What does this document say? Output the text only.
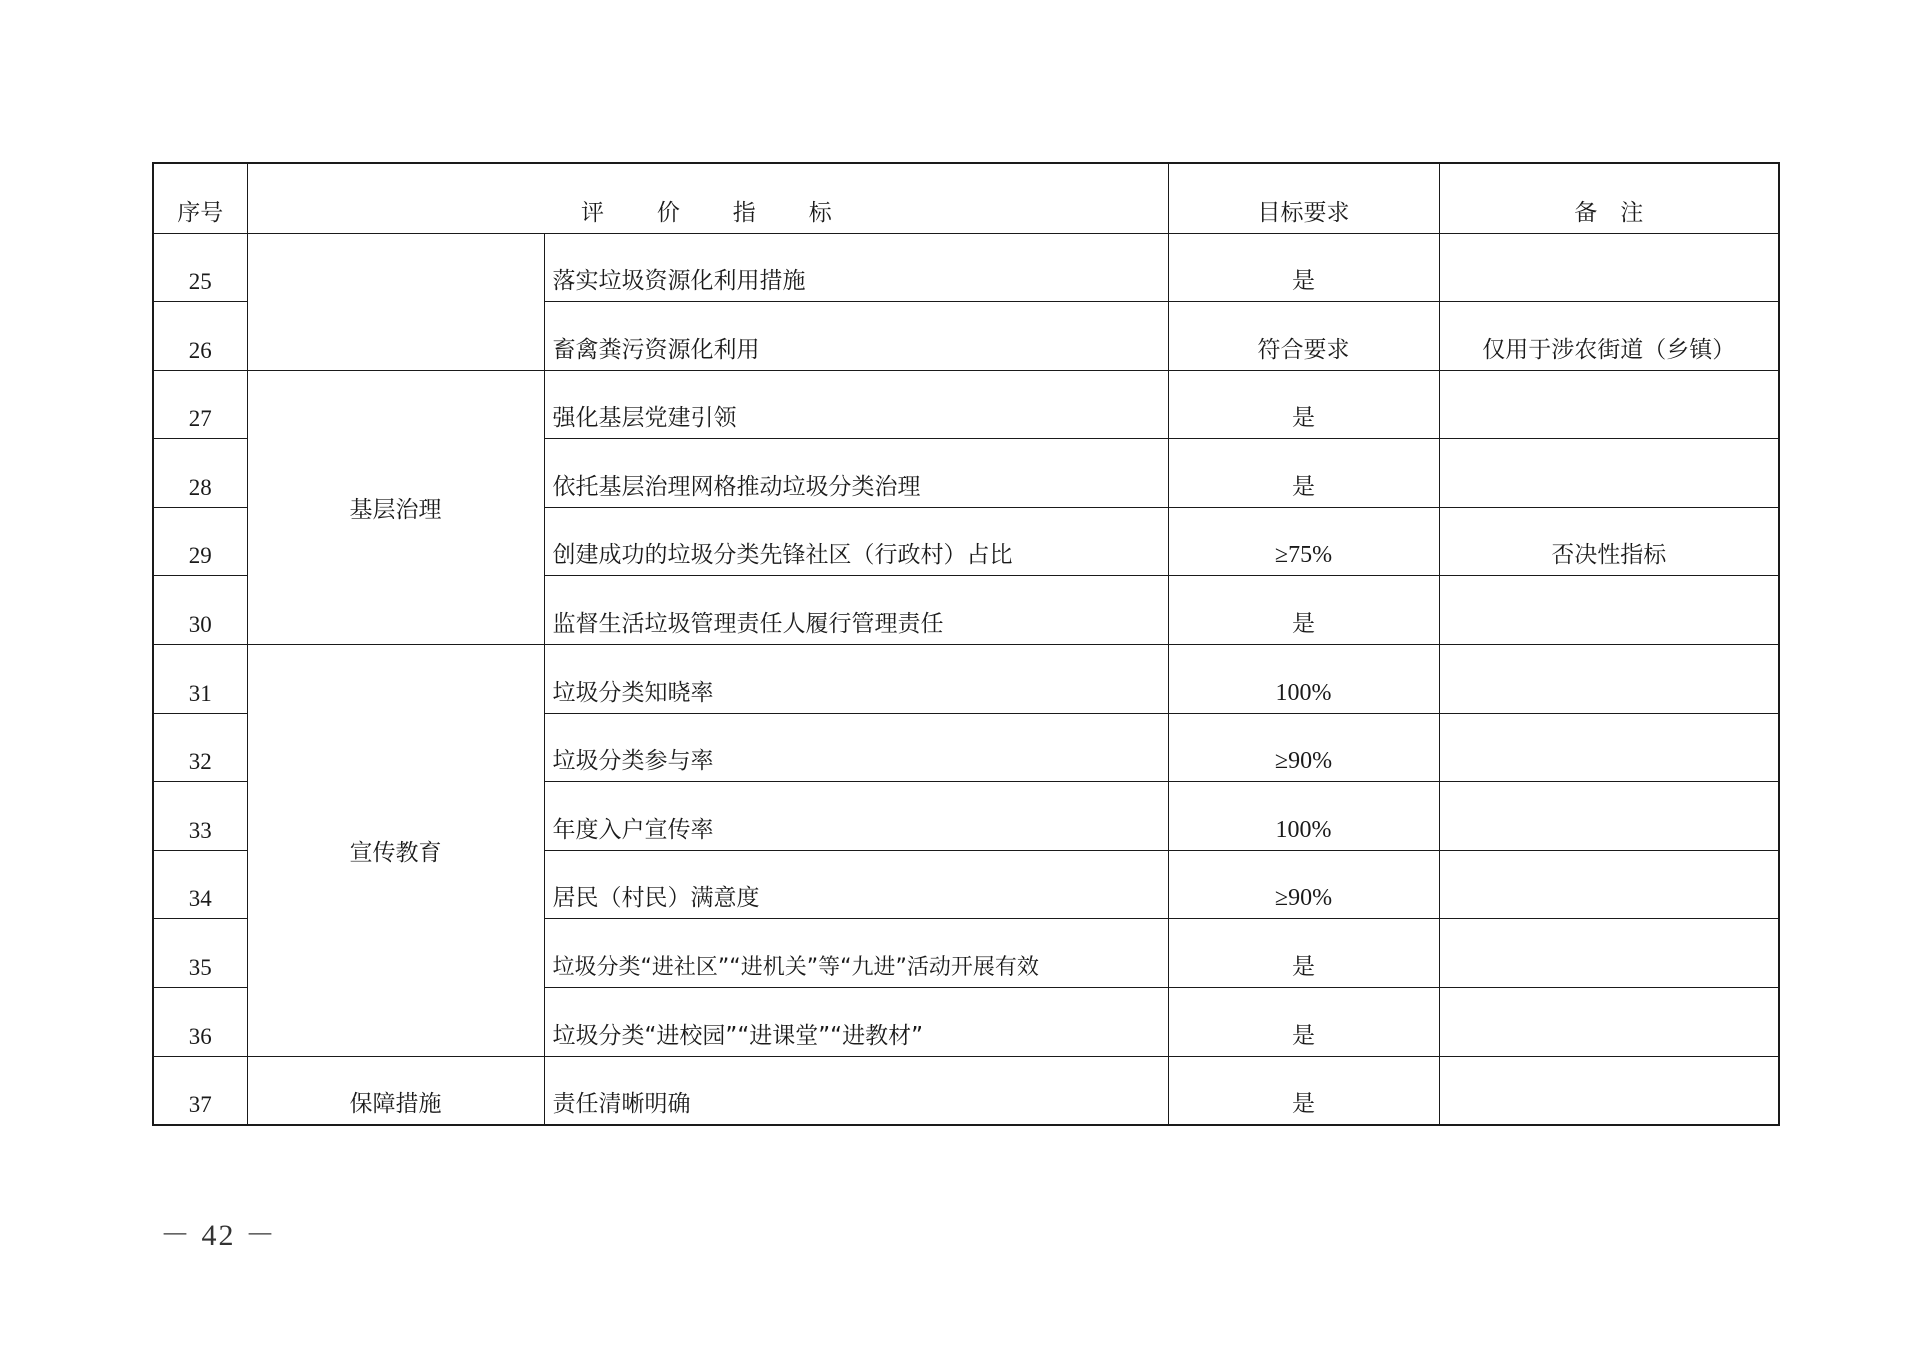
序号	评　　价　　指　　标		目标要求	备　注
25		落实垃圾资源化利用措施	是	
26		畜禽粪污资源化利用	符合要求	仅用于涉农街道（乡镇）
27	基层治理	强化基层党建引领	是	
28		依托基层治理网格推动垃圾分类治理	是	
29		创建成功的垃圾分类先锋社区（行政村）占比	≥75%	否决性指标
30		监督生活垃圾管理责任人履行管理责任	是	
31	宣传教育	垃圾分类知晓率	100%	
32		垃圾分类参与率	≥90%	
33		年度入户宣传率	100%	
34		居民（村民）满意度	≥90%	
35		垃圾分类“进社区”“进机关”等“九进”活动开展有效	是	
36		垃圾分类“进校园”“进课堂”“进教材”	是	
37	保障措施	责任清晰明确	是	
－ 42 －
